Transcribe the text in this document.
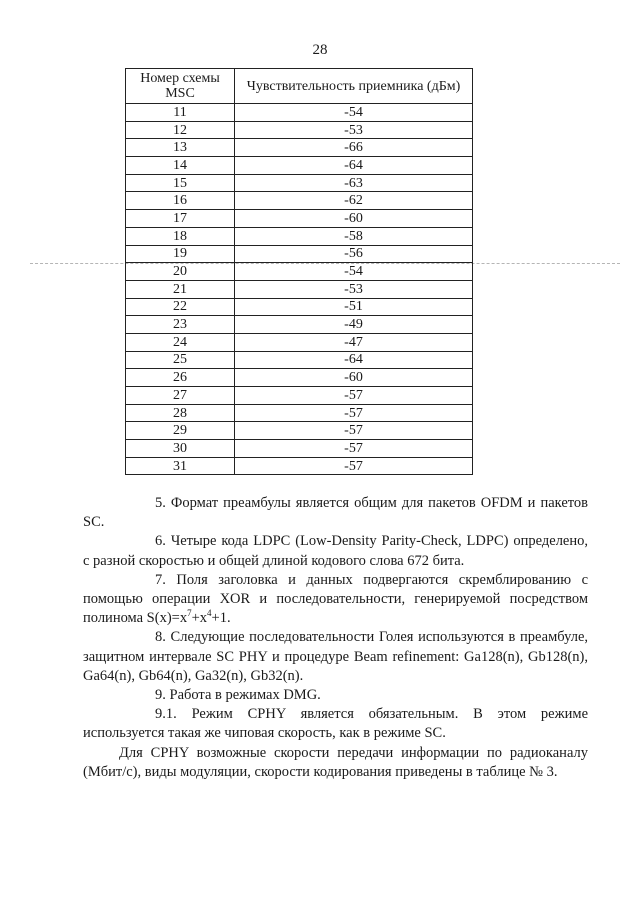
28
Номер схемы MSC	Чувствительность приемника (дБм)
11	-54
12	-53
13	-66
14	-64
15	-63
16	-62
17	-60
18	-58
19	-56
20	-54
21	-53
22	-51
23	-49
24	-47
25	-64
26	-60
27	-57
28	-57
29	-57
30	-57
31	-57

5. Формат преамбулы является общим для пакетов OFDM и пакетов SC.

6. Четыре кода LDPC (Low-Density Parity-Check, LDPC) определено, с разной скоростью и общей длиной кодового слова 672 бита.

7. Поля заголовка и данных подвергаются скремблированию с помощью операции XOR и последовательности, генерируемой посредством полинома $S(x)=x^7+x^4+1$.

8. Следующие последовательности Голея используются в преамбуле, защитном интервале SC PHY и процедуре Beam refinement: Ga128(n), Gb128(n), Ga64(n), Gb64(n), Ga32(n), Gb32(n).

9. Работа в режимах DMG.

9.1. Режим CPHY является обязательным. В этом режиме используется такая же чиповая скорость, как в режиме SC.

Для CPHY возможные скорости передачи информации по радиоканалу (Мбит/с), виды модуляции, скорости кодирования приведены в таблице № 3.
